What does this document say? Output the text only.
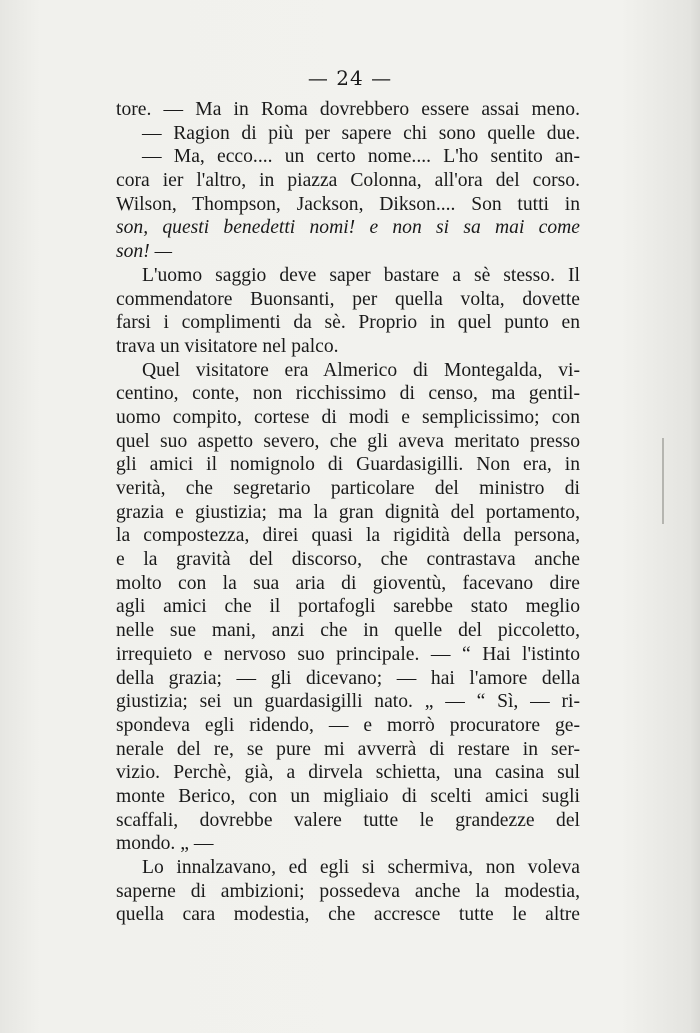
— 24 —
tore. — Ma in Roma dovrebbero essere assai meno.
— Ragion di più per sapere chi sono quelle due.
— Ma, ecco.... un certo nome.... L'ho sentito an-
cora ier l'altro, in piazza Colonna, all'ora del corso.
Wilson, Thompson, Jackson, Dikson.... Son tutti in
son, questi benedetti nomi! e non si sa mai come
son! —
L'uomo saggio deve saper bastare a sè stesso. Il
commendatore Buonsanti, per quella volta, dovette
farsi i complimenti da sè. Proprio in quel punto en
trava un visitatore nel palco.
Quel visitatore era Almerico di Montegalda, vi-
centino, conte, non ricchissimo di censo, ma gentil-
uomo compito, cortese di modi e semplicissimo; con
quel suo aspetto severo, che gli aveva meritato presso
gli amici il nomignolo di Guardasigilli. Non era, in
verità, che segretario particolare del ministro di
grazia e giustizia; ma la gran dignità del portamento,
la compostezza, direi quasi la rigidità della persona,
e la gravità del discorso, che contrastava anche
molto con la sua aria di gioventù, facevano dire
agli amici che il portafogli sarebbe stato meglio
nelle sue mani, anzi che in quelle del piccoletto,
irrequieto e nervoso suo principale. — “ Hai l'istinto
della grazia; — gli dicevano; — hai l'amore della
giustizia; sei un guardasigilli nato. „ — “ Sì, — ri-
spondeva egli ridendo, — e morrò procuratore ge-
nerale del re, se pure mi avverrà di restare in ser-
vizio. Perchè, già, a dirvela schietta, una casina sul
monte Berico, con un migliaio di scelti amici sugli
scaffali, dovrebbe valere tutte le grandezze del
mondo. „ —
Lo innalzavano, ed egli si schermiva, non voleva
saperne di ambizioni; possedeva anche la modestia,
quella cara modestia, che accresce tutte le altre
